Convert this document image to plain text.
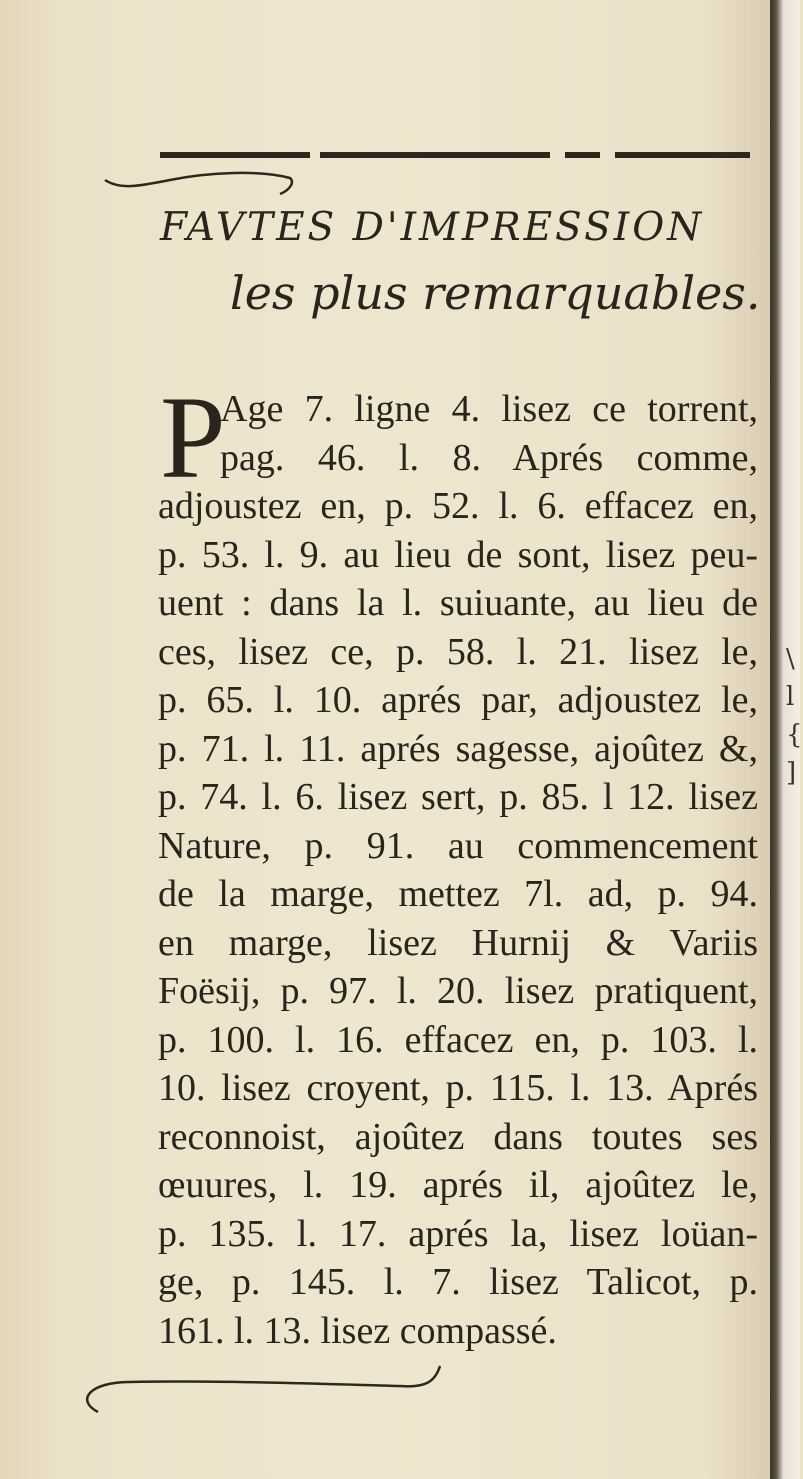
\
l
{
]
FAVTES D'IMPRESSION
les plus remarquables.
P
Age 7. ligne 4. lisez ce torrent,
pag. 46. l. 8. Aprés comme,
adjoustez en, p. 52. l. 6. effacez en,
p. 53. l. 9. au lieu de sont, lisez peu-
uent : dans la l. suiuante, au lieu de
ces, lisez ce, p. 58. l. 21. lisez le,
p. 65. l. 10. aprés par, adjoustez le,
p. 71. l. 11. aprés sagesse, ajoûtez &,
p. 74. l. 6. lisez sert, p. 85. l 12. lisez
Nature, p. 91. au commencement
de la marge, mettez 7l. ad, p. 94.
en marge, lisez Hurnij & Variis
Foësij, p. 97. l. 20. lisez pratiquent,
p. 100. l. 16. effacez en, p. 103. l.
10. lisez croyent, p. 115. l. 13. Aprés
reconnoist, ajoûtez dans toutes ses
œuures, l. 19. aprés il, ajoûtez le,
p. 135. l. 17. aprés la, lisez loüan-
ge, p. 145. l. 7. lisez Talicot, p.
161. l. 13. lisez compassé.
